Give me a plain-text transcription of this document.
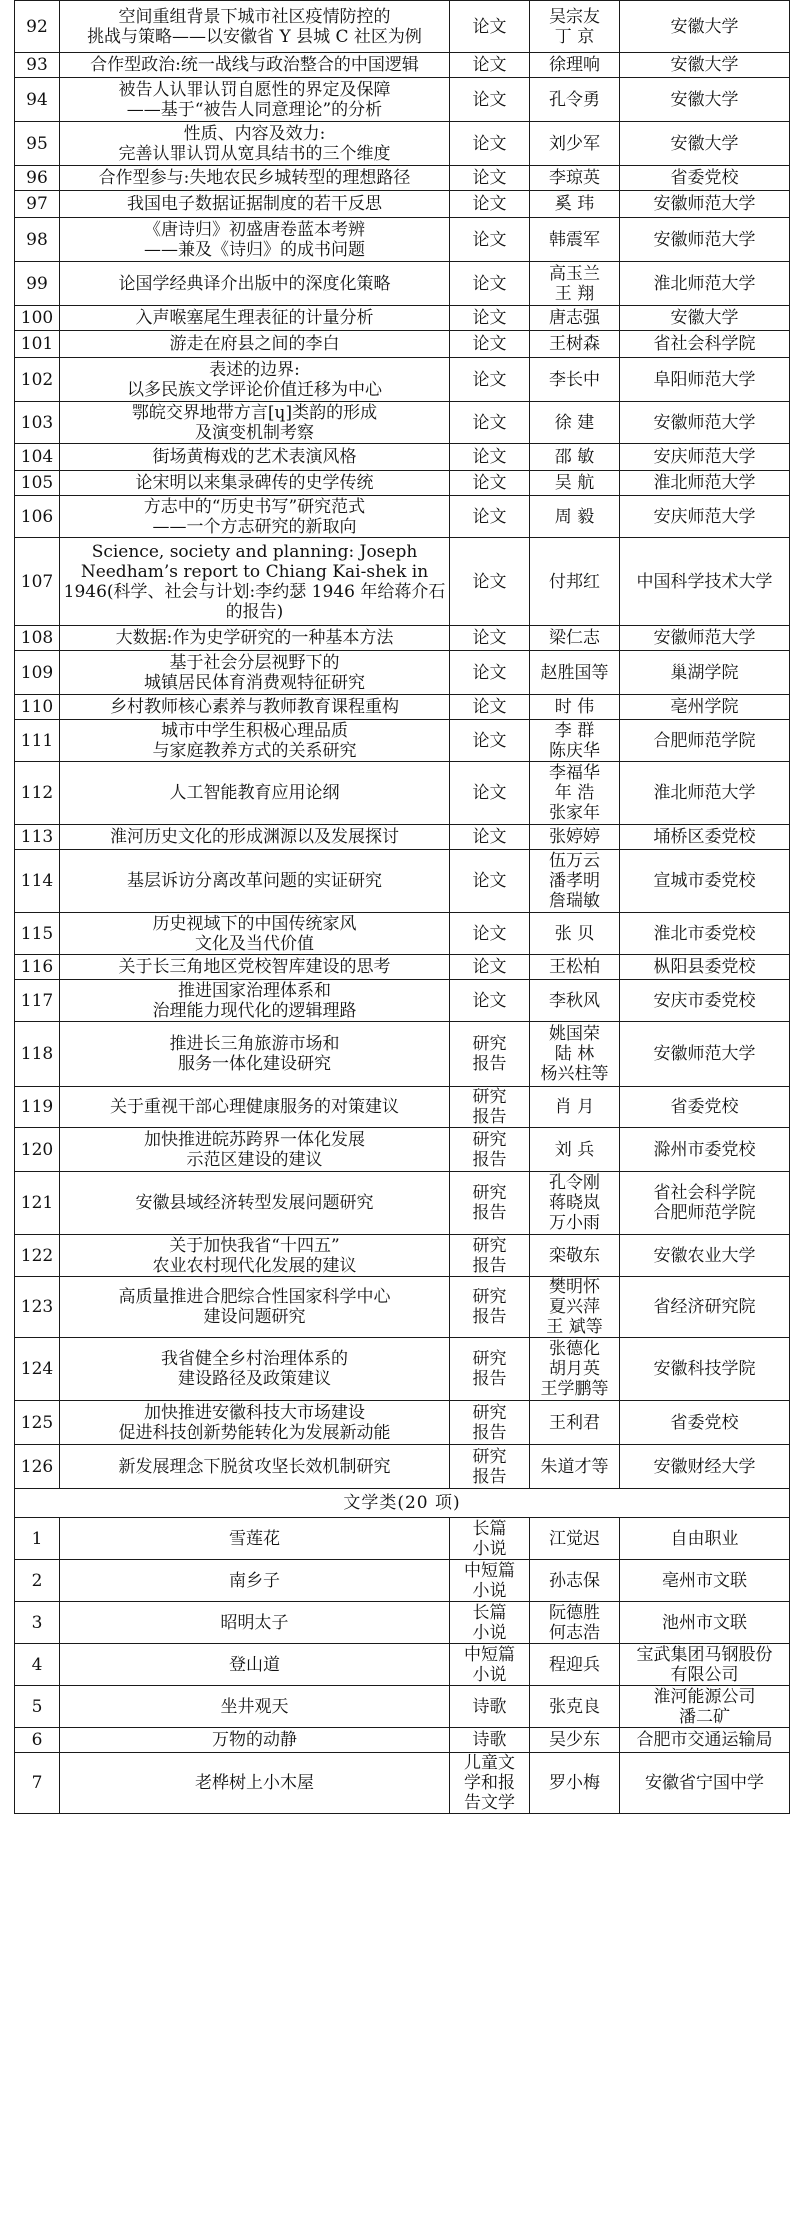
92	空间重组背景下城市社区疫情防控的
挑战与策略——以安徽省 Y 县城 C 社区为例	论文	吴宗友
丁 京	安徽大学

93	合作型政治:统一战线与政治整合的中国逻辑	论文	徐理响	安徽大学

94	被告人认罪认罚自愿性的界定及保障
——基于“被告人同意理论”的分析	论文	孔令勇	安徽大学

95	性质、内容及效力:
完善认罪认罚从宽具结书的三个维度	论文	刘少军	安徽大学

96	合作型参与:失地农民乡城转型的理想路径	论文	李琼英	省委党校

97	我国电子数据证据制度的若干反思	论文	奚 玮	安徽师范大学

98	《唐诗归》初盛唐卷蓝本考辨
——兼及《诗归》的成书问题	论文	韩震军	安徽师范大学

99	论国学经典译介出版中的深度化策略	论文	高玉兰
王 翔	淮北师范大学

100	入声喉塞尾生理表征的计量分析	论文	唐志强	安徽大学

101	游走在府县之间的李白	论文	王树森	省社会科学院

102	表述的边界:
以多民族文学评论价值迁移为中心	论文	李长中	阜阳师范大学

103	鄂皖交界地带方言[ɥ]类韵的形成
及演变机制考察	论文	徐 建	安徽师范大学

104	街场黄梅戏的艺术表演风格	论文	邵 敏	安庆师范大学

105	论宋明以来集录碑传的史学传统	论文	吴 航	淮北师范大学

106	方志中的“历史书写”研究范式
——一个方志研究的新取向	论文	周 毅	安庆师范大学

107	Science, society and planning: Joseph Needham’s report to Chiang Kai-shek in 1946(科学、社会与计划:李约瑟 1946 年给蒋介石的报告)	论文	付邦红	中国科学技术大学

108	大数据:作为史学研究的一种基本方法	论文	梁仁志	安徽师范大学

109	基于社会分层视野下的
城镇居民体育消费观特征研究	论文	赵胜国等	巢湖学院

110	乡村教师核心素养与教师教育课程重构	论文	时 伟	亳州学院

111	城市中学生积极心理品质
与家庭教养方式的关系研究	论文	李 群
陈庆华	合肥师范学院

112	人工智能教育应用论纲	论文	李福华
年 浩
张家年	淮北师范大学

113	淮河历史文化的形成渊源以及发展探讨	论文	张婷婷	埇桥区委党校

114	基层诉访分离改革问题的实证研究	论文	伍万云
潘孝明
詹瑞敏	宣城市委党校

115	历史视域下的中国传统家风
文化及当代价值	论文	张 贝	淮北市委党校

116	关于长三角地区党校智库建设的思考	论文	王松柏	枞阳县委党校

117	推进国家治理体系和
治理能力现代化的逻辑理路	论文	李秋风	安庆市委党校

118	推进长三角旅游市场和
服务一体化建设研究	研究
报告	姚国荣
陆 林
杨兴柱等	安徽师范大学

119	关于重视干部心理健康服务的对策建议	研究
报告	肖 月	省委党校

120	加快推进皖苏跨界一体化发展
示范区建设的建议	研究
报告	刘 兵	滁州市委党校

121	安徽县域经济转型发展问题研究	研究
报告	孔令刚
蒋晓岚
万小雨	省社会科学院
合肥师范学院

122	关于加快我省“十四五”
农业农村现代化发展的建议	研究
报告	栾敬东	安徽农业大学

123	高质量推进合肥综合性国家科学中心
建设问题研究	研究
报告	樊明怀
夏兴萍
王 斌等	省经济研究院

124	我省健全乡村治理体系的
建设路径及政策建议	研究
报告	张德化
胡月英
王学鹏等	安徽科技学院

125	加快推进安徽科技大市场建设
促进科技创新势能转化为发展新动能	研究
报告	王利君	省委党校

126	新发展理念下脱贫攻坚长效机制研究	研究
报告	朱道才等	安徽财经大学

文学类(20 项)				
1	雪莲花	长篇
小说	江觉迟	自由职业

2	南乡子	中短篇
小说	孙志保	亳州市文联

3	昭明太子	长篇
小说	阮德胜
何志浩	池州市文联

4	登山道	中短篇
小说	程迎兵	宝武集团马钢股份
有限公司

5	坐井观天	诗歌	张克良	淮河能源公司
潘二矿

6	万物的动静	诗歌	吴少东	合肥市交通运输局

7	老桦树上小木屋	儿童文
学和报
告文学	罗小梅	安徽省宁国中学
